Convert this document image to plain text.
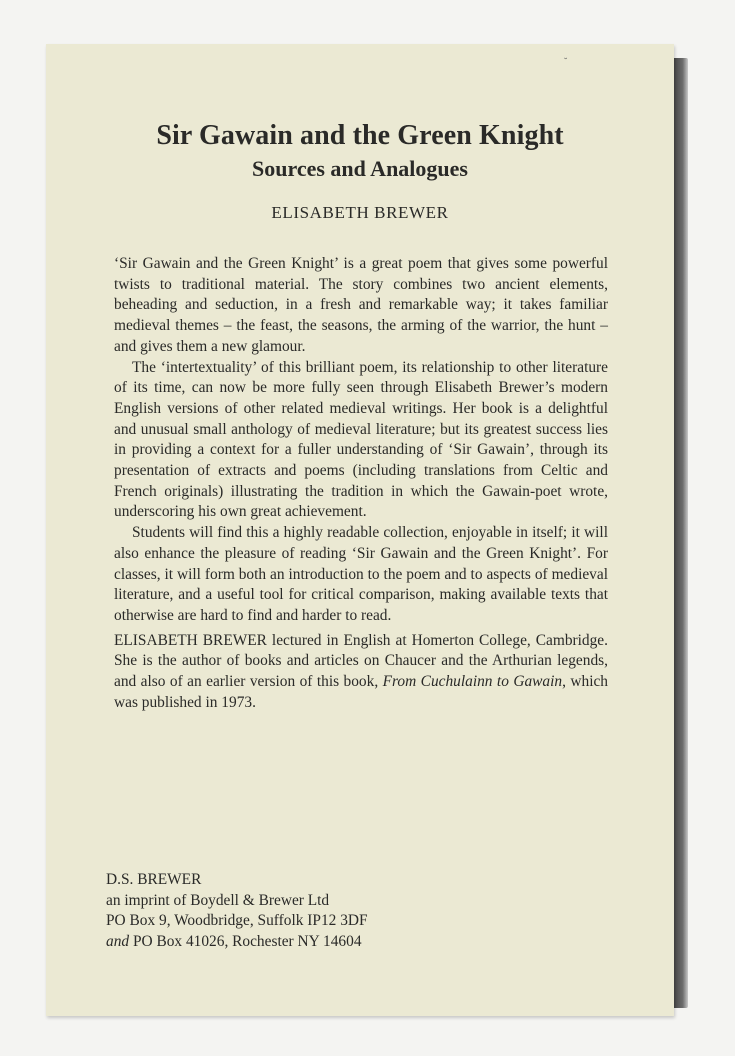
˘
Sir Gawain and the Green Knight
Sources and Analogues
ELISABETH BREWER

‘Sir Gawain and the Green Knight’ is a great poem that gives some powerful twists to traditional material. The story combines two ancient elements, beheading and seduction, in a fresh and remarkable way; it takes familiar medieval themes – the feast, the seasons, the arming of the warrior, the hunt – and gives them a new glamour.

The ‘intertextuality’ of this brilliant poem, its relationship to other literature of its time, can now be more fully seen through Elisabeth Brewer’s modern English versions of other related medieval writings. Her book is a delightful and unusual small anthology of medieval literature; but its greatest success lies in providing a context for a fuller understanding of ‘Sir Gawain’, through its presentation of extracts and poems (including translations from Celtic and French originals) illustrating the tradition in which the Gawain-poet wrote, underscoring his own great achievement.

Students will find this a highly readable collection, enjoyable in itself; it will also enhance the pleasure of reading ‘Sir Gawain and the Green Knight’. For classes, it will form both an introduction to the poem and to aspects of medieval literature, and a useful tool for critical comparison, making available texts that otherwise are hard to find and harder to read.

ELISABETH BREWER lectured in English at Homerton College, Cambridge. She is the author of books and articles on Chaucer and the Arthurian legends, and also of an earlier version of this book, From Cuchulainn to Gawain, which was published in 1973.

D.S. BREWER
an imprint of Boydell & Brewer Ltd
PO Box 9, Woodbridge, Suffolk IP12 3DF
and PO Box 41026, Rochester NY 14604
